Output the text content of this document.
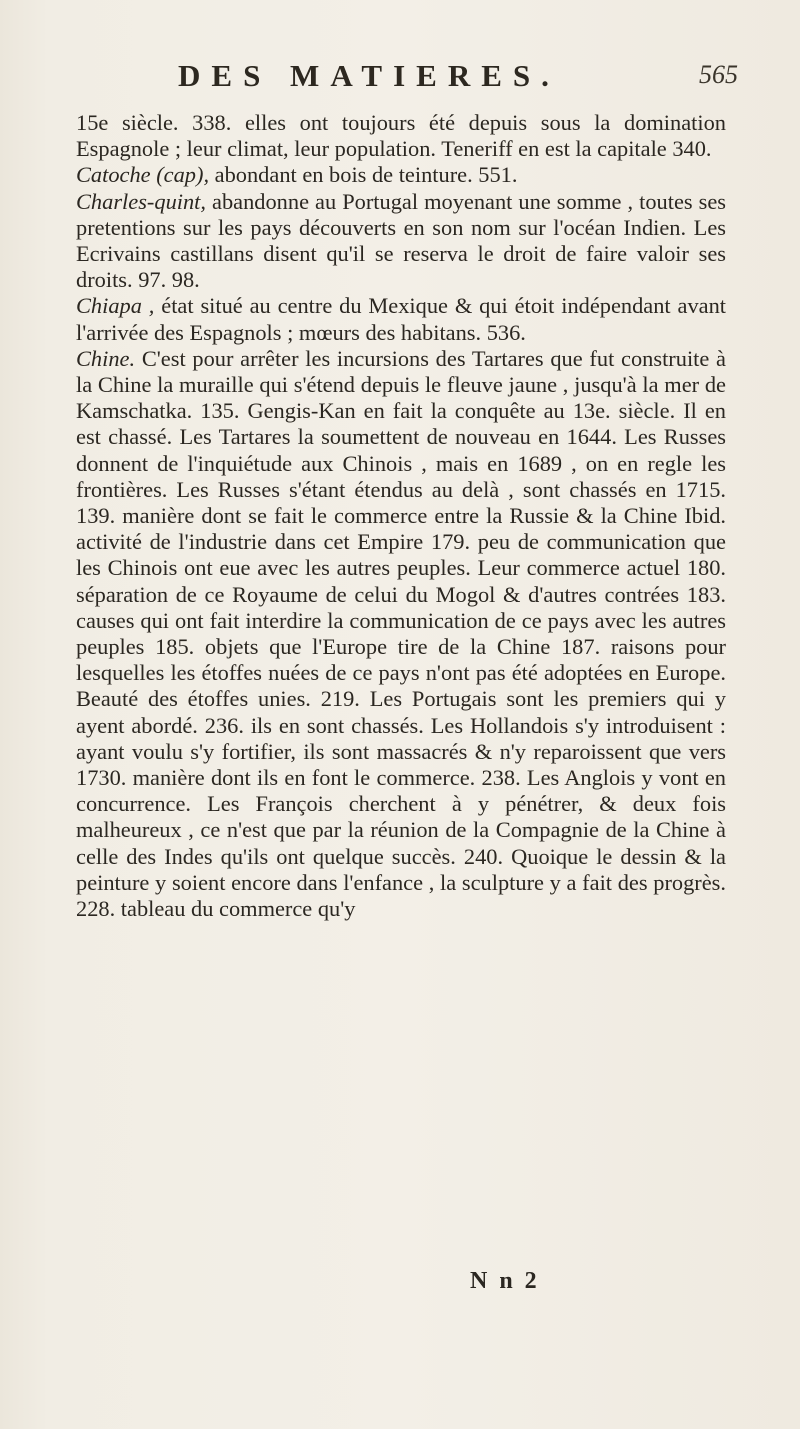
DES MATIERES.	565

15e siècle. 338. elles ont toujours été depuis sous la domination Espagnole ; leur climat, leur population. Teneriff en est la capitale 340.

Catoche (cap), abondant en bois de teinture. 551.

Charles-quint, abandonne au Portugal moyenant une somme , toutes ses pretentions sur les pays découverts en son nom sur l'océan Indien. Les Ecrivains castillans disent qu'il se reserva le droit de faire valoir ses droits. 97. 98.

Chiapa , état situé au centre du Mexique & qui étoit indépendant avant l'arrivée des Espagnols ; mœurs des habitans. 536.

Chine. C'est pour arrêter les incursions des Tartares que fut construite à la Chine la muraille qui s'étend depuis le fleuve jaune , jusqu'à la mer de Kamschatka. 135. Gengis-Kan en fait la conquête au 13e. siècle. Il en est chassé. Les Tartares la soumettent de nouveau en 1644. Les Russes donnent de l'inquiétude aux Chinois , mais en 1689 , on en regle les frontières. Les Russes s'étant étendus au delà , sont chassés en 1715. 139. manière dont se fait le commerce entre la Russie & la Chine Ibid. activité de l'industrie dans cet Empire 179. peu de communication que les Chinois ont eue avec les autres peuples. Leur commerce actuel 180. séparation de ce Royaume de celui du Mogol & d'autres contrées 183. causes qui ont fait interdire la communication de ce pays avec les autres peuples 185. objets que l'Europe tire de la Chine 187. raisons pour lesquelles les étoffes nuées de ce pays n'ont pas été adoptées en Europe. Beauté des étoffes unies. 219. Les Portugais sont les premiers qui y ayent abordé. 236. ils en sont chassés. Les Hollandois s'y introduisent : ayant voulu s'y fortifier, ils sont massacrés & n'y reparoissent que vers 1730. manière dont ils en font le commerce. 238. Les Anglois y vont en concurrence. Les François cherchent à y pénétrer, & deux fois malheureux , ce n'est que par la réunion de la Compagnie de la Chine à celle des Indes qu'ils ont quelque succès. 240. Quoique le dessin & la peinture y soient encore dans l'enfance , la sculpture y a fait des progrès. 228. tableau du commerce qu'y

N n 2
